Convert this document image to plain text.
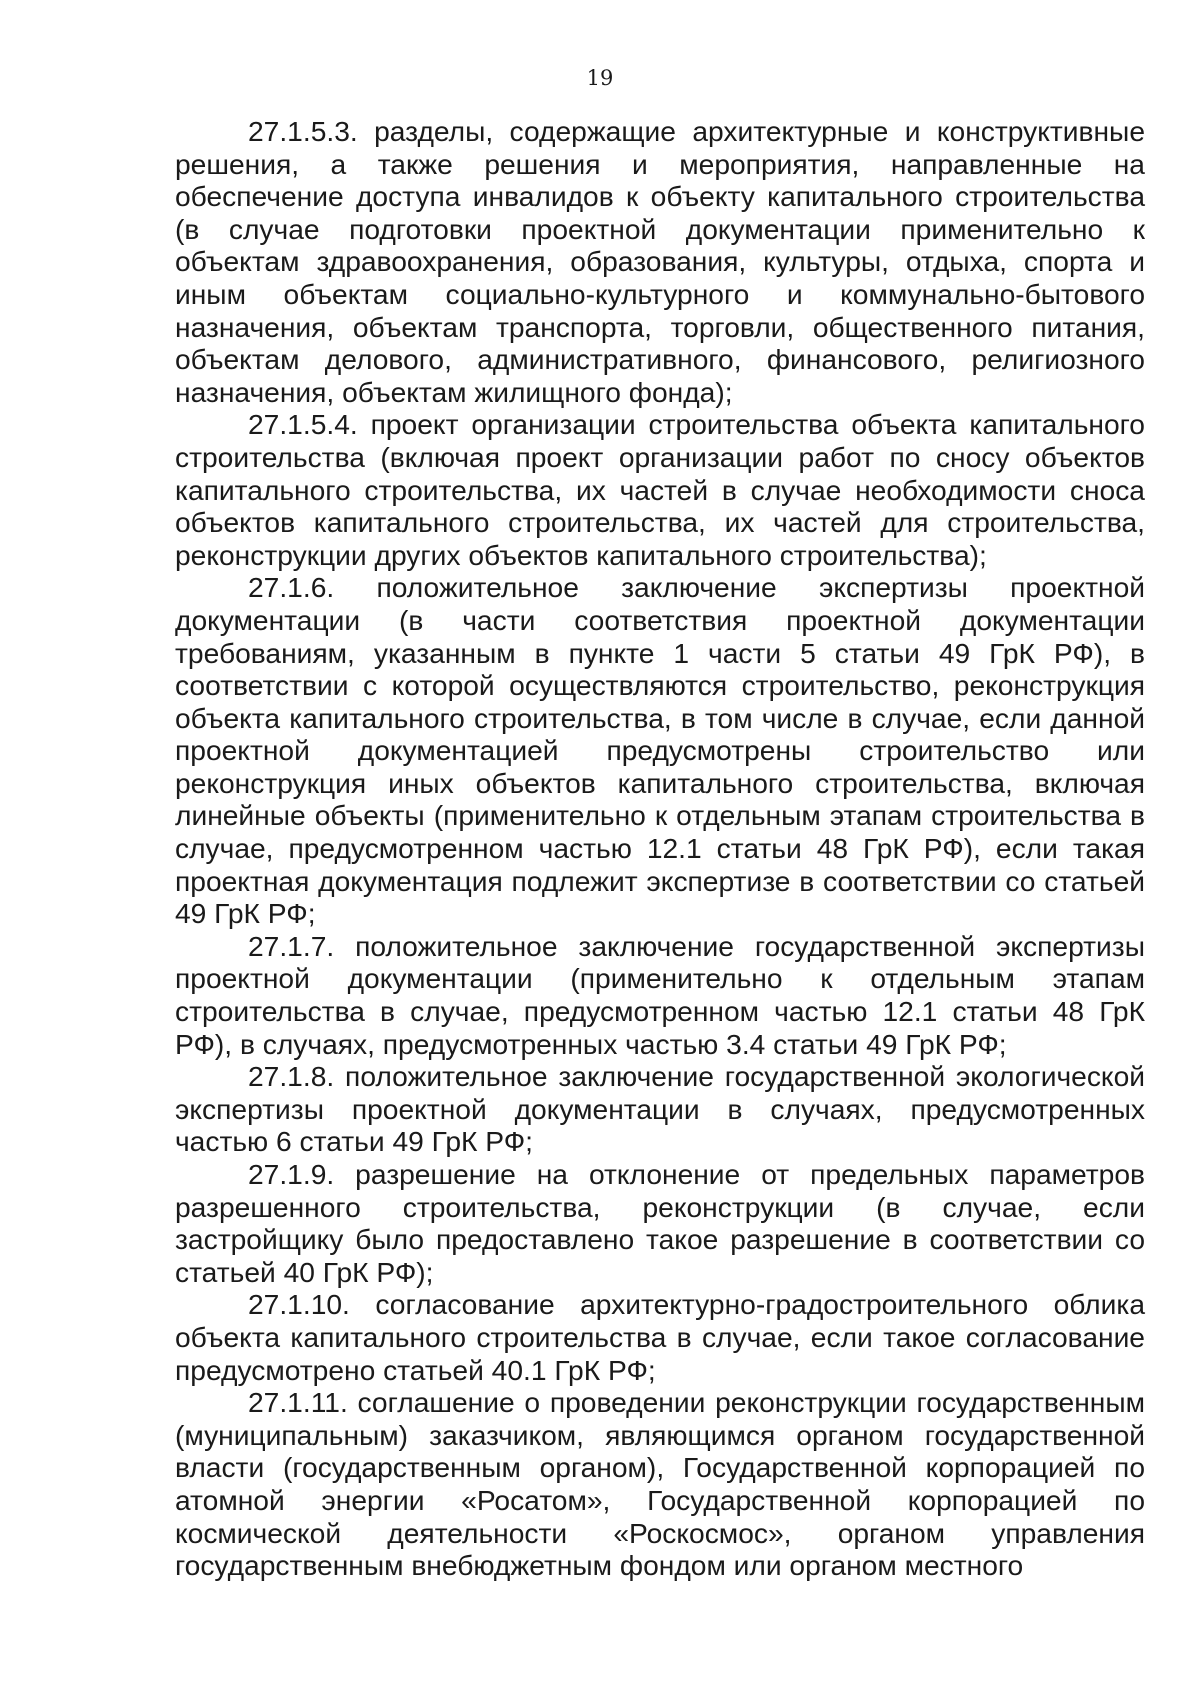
19

27.1.5.3. разделы, содержащие архитектурные и конструктивные решения, а также решения и мероприятия, направленные на обеспечение доступа инвалидов к объекту капитального строительства (в случае подготовки проектной документации применительно к объектам здравоохранения, образования, культуры, отдыха, спорта и иным объектам социально-культурного и коммунально-бытового назначения, объектам транспорта, торговли, общественного питания, объектам делового, административного, финансового, религиозного назначения, объектам жилищного фонда);

27.1.5.4. проект организации строительства объекта капитального строительства (включая проект организации работ по сносу объектов капитального строительства, их частей в случае необходимости сноса объектов капитального строительства, их частей для строительства, реконструкции других объектов капитального строительства);

27.1.6. положительное заключение экспертизы проектной документации (в части соответствия проектной документации требованиям, указанным в пункте 1 части 5 статьи 49 ГрК РФ), в соответствии с которой осуществляются строительство, реконструкция объекта капитального строительства, в том числе в случае, если данной проектной документацией предусмотрены строительство или реконструкция иных объектов капитального строительства, включая линейные объекты (применительно к отдельным этапам строительства в случае, предусмотренном частью 12.1 статьи 48 ГрК РФ), если такая проектная документация подлежит экспертизе в соответствии со статьей 49 ГрК РФ;

27.1.7. положительное заключение государственной экспертизы проектной документации (применительно к отдельным этапам строительства в случае, предусмотренном частью 12.1 статьи 48 ГрК РФ), в случаях, предусмотренных частью 3.4 статьи 49 ГрК РФ;

27.1.8. положительное заключение государственной экологической экспертизы проектной документации в случаях, предусмотренных частью 6 статьи 49 ГрК РФ;

27.1.9. разрешение на отклонение от предельных параметров разрешенного строительства, реконструкции (в случае, если застройщику было предоставлено такое разрешение в соответствии со статьей 40 ГрК РФ);

27.1.10. согласование архитектурно-градостроительного облика объекта капитального строительства в случае, если такое согласование предусмотрено статьей 40.1 ГрК РФ;

27.1.11. соглашение о проведении реконструкции государственным (муниципальным) заказчиком, являющимся органом государственной власти (государственным органом), Государственной корпорацией по атомной энергии «Росатом», Государственной корпорацией по космической деятельности «Роскосмос», органом управления государственным внебюджетным фондом или органом местного
